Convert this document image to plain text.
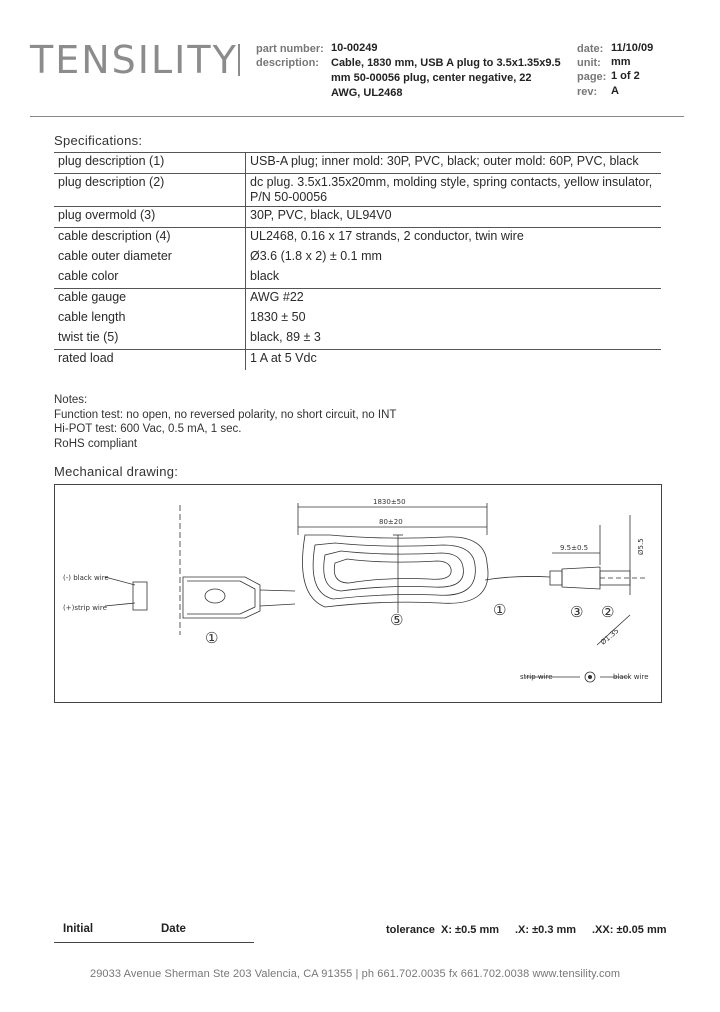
TENSILITY part number: 10-00249
description: Cable, 1830 mm, USB A plug to 3.5x1.35x9.5
mm 50-00056 plug, center negative, 22
AWG, UL2468
date: 11/10/09
unit: mm
page: 1 of 2
rev: A
Specifications:
plug description (1)	USB-A plug; inner mold: 30P, PVC, black; outer mold: 60P, PVC, black
plug description (2)	dc plug. 3.5x1.35x20mm, molding style, spring contacts, yellow insulator, P/N 50-00056
plug overmold (3)	30P, PVC, black, UL94V0
cable description (4)	UL2468, 0.16 x 17 strands, 2 conductor, twin wire
cable outer diameter	Ø3.6 (1.8 x 2) ± 0.1 mm
cable color	black
cable gauge	AWG #22
cable length	1830 ± 50
twist tie (5)	black, 89 ± 3
rated load	1 A at 5 Vdc
Notes:
Function test: no open, no reversed polarity, no short circuit, no INT
Hi-POT test: 600 Vac, 0.5 mA, 1 sec.
RoHS compliant
Mechanical drawing:
1830±50
80±20
9.5±0.5	Ø5.5
Ø1.35
(-) black wire
(+)strip wire
strip wire	black wire
①
①
⑤	③ ②
Initial	Date	tolerance X: ±0.5 mm .X: ±0.3 mm .XX: ±0.05 mm
29033 Avenue Sherman Ste 203 Valencia, CA 91355 | ph 661.702.0035 fx 661.702.0038 www.tensility.com
